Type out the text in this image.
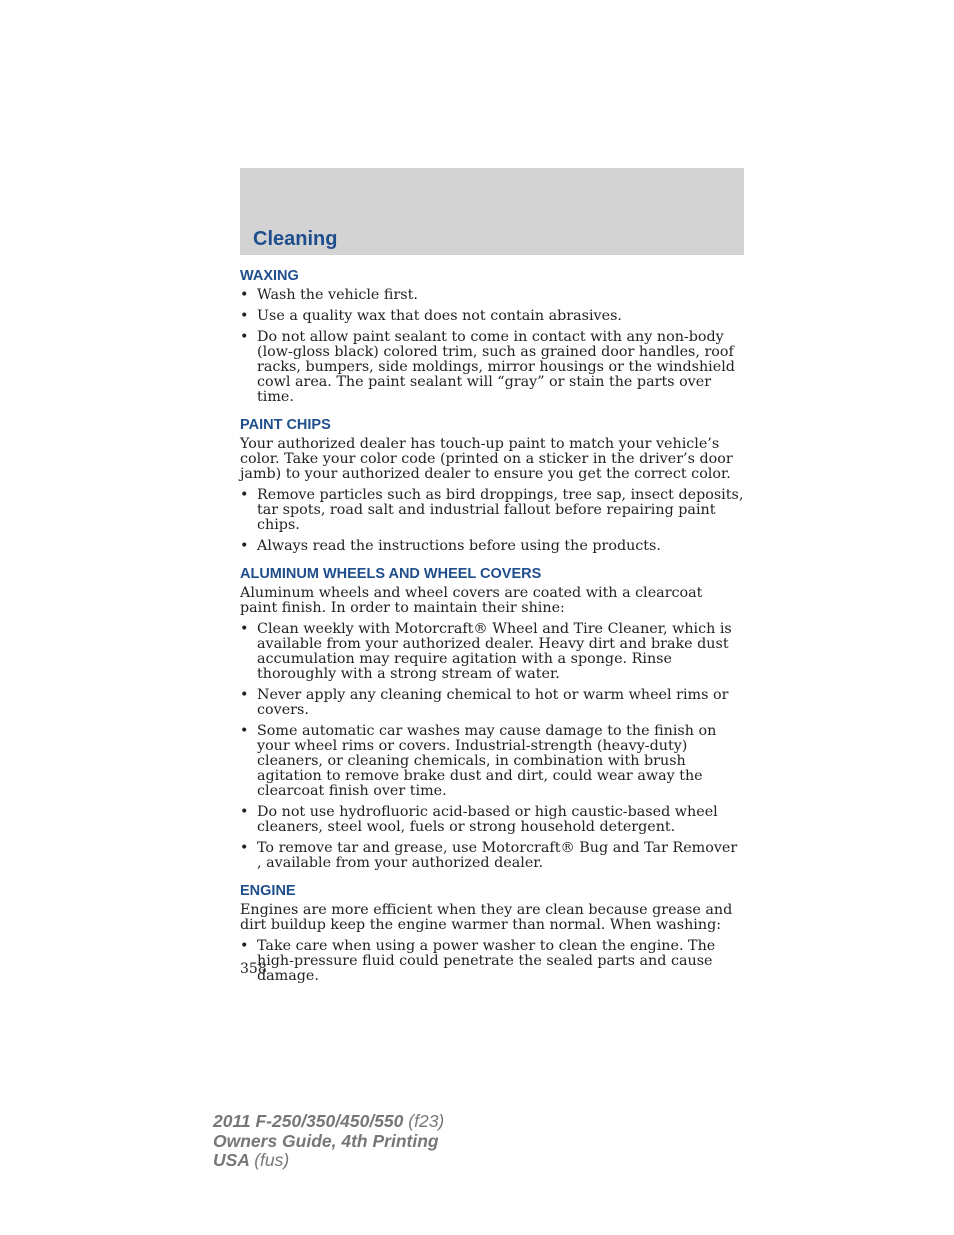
Cleaning
WAXING
• Wash the vehicle first.
• Use a quality wax that does not contain abrasives.
• Do not allow paint sealant to come in contact with any non-body (low-gloss black) colored trim, such as grained door handles, roof racks, bumpers, side moldings, mirror housings or the windshield cowl area. The paint sealant will “gray” or stain the parts over time.
PAINT CHIPS

Your authorized dealer has touch-up paint to match your vehicle’s color. Take your color code (printed on a sticker in the driver’s door jamb) to your authorized dealer to ensure you get the correct color.

• Remove particles such as bird droppings, tree sap, insect deposits, tar spots, road salt and industrial fallout before repairing paint chips.
• Always read the instructions before using the products.
ALUMINUM WHEELS AND WHEEL COVERS

Aluminum wheels and wheel covers are coated with a clearcoat paint finish. In order to maintain their shine:

• Clean weekly with Motorcraft® Wheel and Tire Cleaner, which is available from your authorized dealer. Heavy dirt and brake dust accumulation may require agitation with a sponge. Rinse thoroughly with a strong stream of water.
• Never apply any cleaning chemical to hot or warm wheel rims or covers.
• Some automatic car washes may cause damage to the finish on your wheel rims or covers. Industrial-strength (heavy-duty) cleaners, or cleaning chemicals, in combination with brush agitation to remove brake dust and dirt, could wear away the clearcoat finish over time.
• Do not use hydrofluoric acid-based or high caustic-based wheel cleaners, steel wool, fuels or strong household detergent.
• To remove tar and grease, use Motorcraft® Bug and Tar Remover , available from your authorized dealer.
ENGINE

Engines are more efficient when they are clean because grease and dirt buildup keep the engine warmer than normal. When washing:

• Take care when using a power washer to clean the engine. The high-pressure fluid could penetrate the sealed parts and cause damage.
358
2011 F-250/350/450/550 (f23)
Owners Guide, 4th Printing
USA (fus)
